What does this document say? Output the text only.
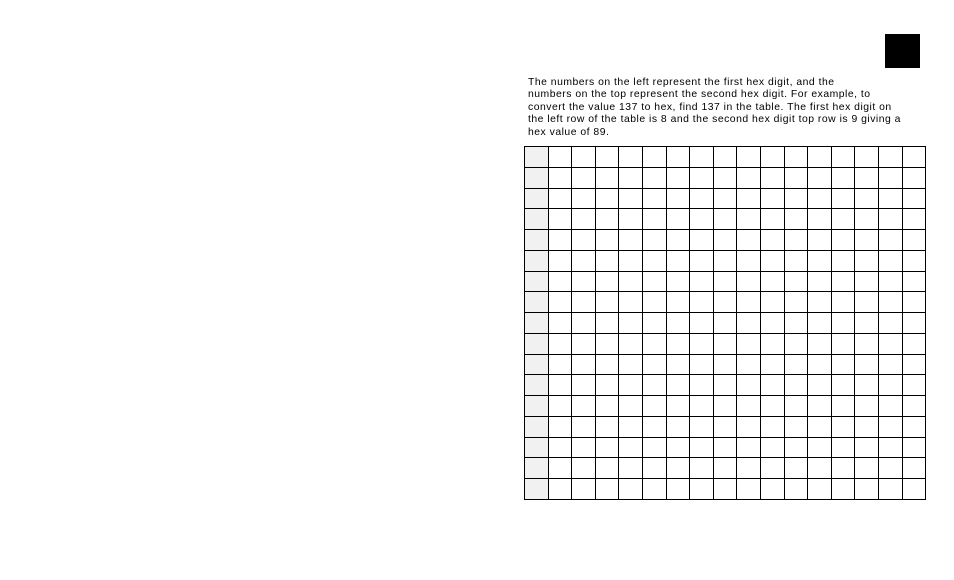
The numbers on the left represent the first hex digit, and the
numbers on the top represent the second hex digit. For example, to
convert the value 137 to hex, find 137 in the table. The first hex digit on
the left row of the table is 8 and the second hex digit top row is 9 giving a
hex value of 89.
